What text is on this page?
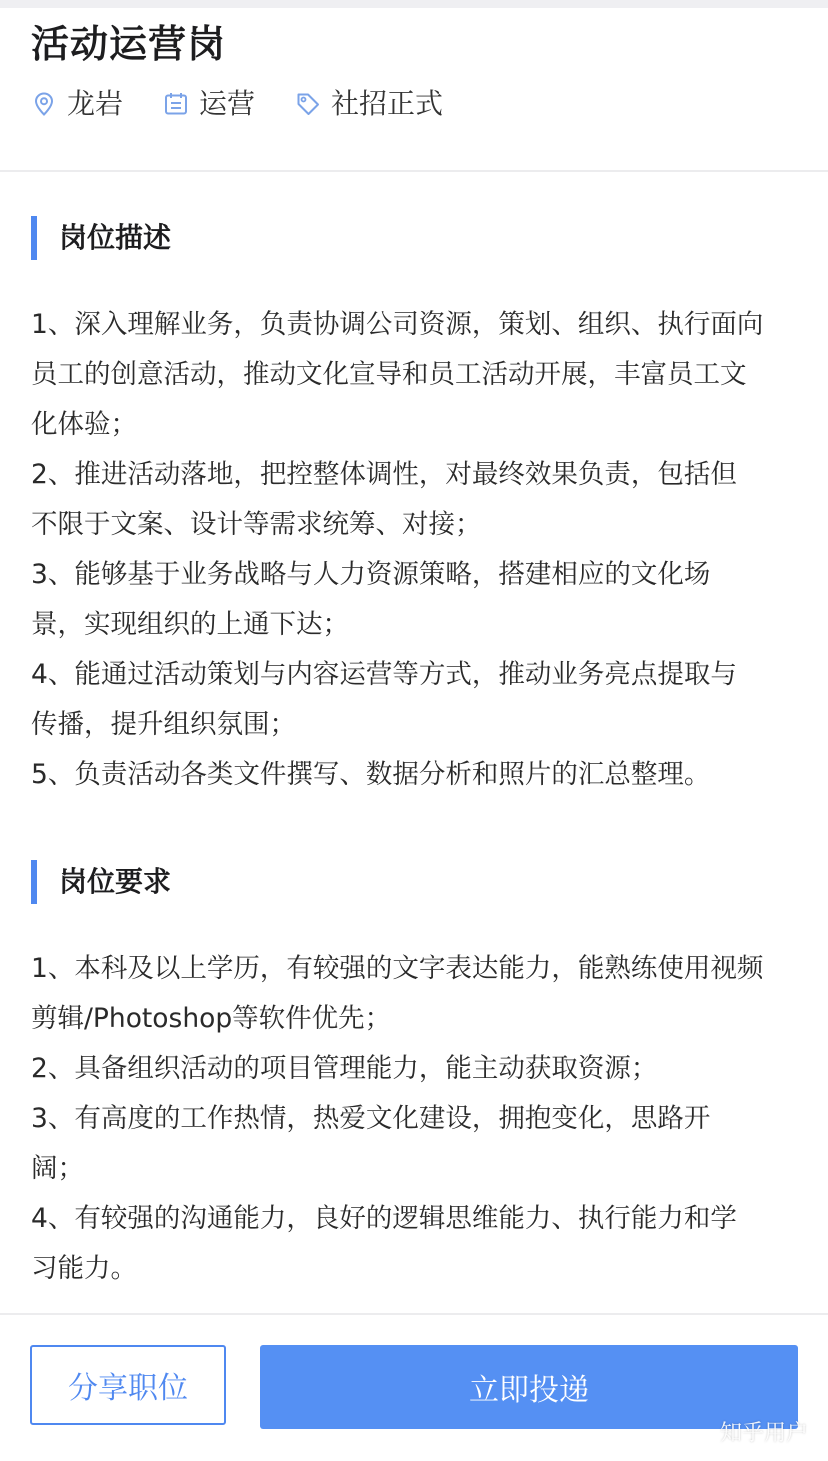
活动运营岗
龙岩	运营	社招正式
岗位描述
1、深入理解业务，负责协调公司资源，策划、组织、执行面向
员工的创意活动，推动文化宣导和员工活动开展，丰富员工文
化体验；
2、推进活动落地，把控整体调性，对最终效果负责，包括但
不限于文案、设计等需求统筹、对接；
3、能够基于业务战略与人力资源策略，搭建相应的文化场
景，实现组织的上通下达；
4、能通过活动策划与内容运营等方式，推动业务亮点提取与
传播，提升组织氛围；
5、负责活动各类文件撰写、数据分析和照片的汇总整理。
岗位要求
1、本科及以上学历，有较强的文字表达能力，能熟练使用视频
剪辑/Photoshop等软件优先；
2、具备组织活动的项目管理能力，能主动获取资源；
3、有高度的工作热情，热爱文化建设，拥抱变化，思路开
阔；
4、有较强的沟通能力，良好的逻辑思维能力、执行能力和学
习能力。
分享职位	立即投递
知乎用户
